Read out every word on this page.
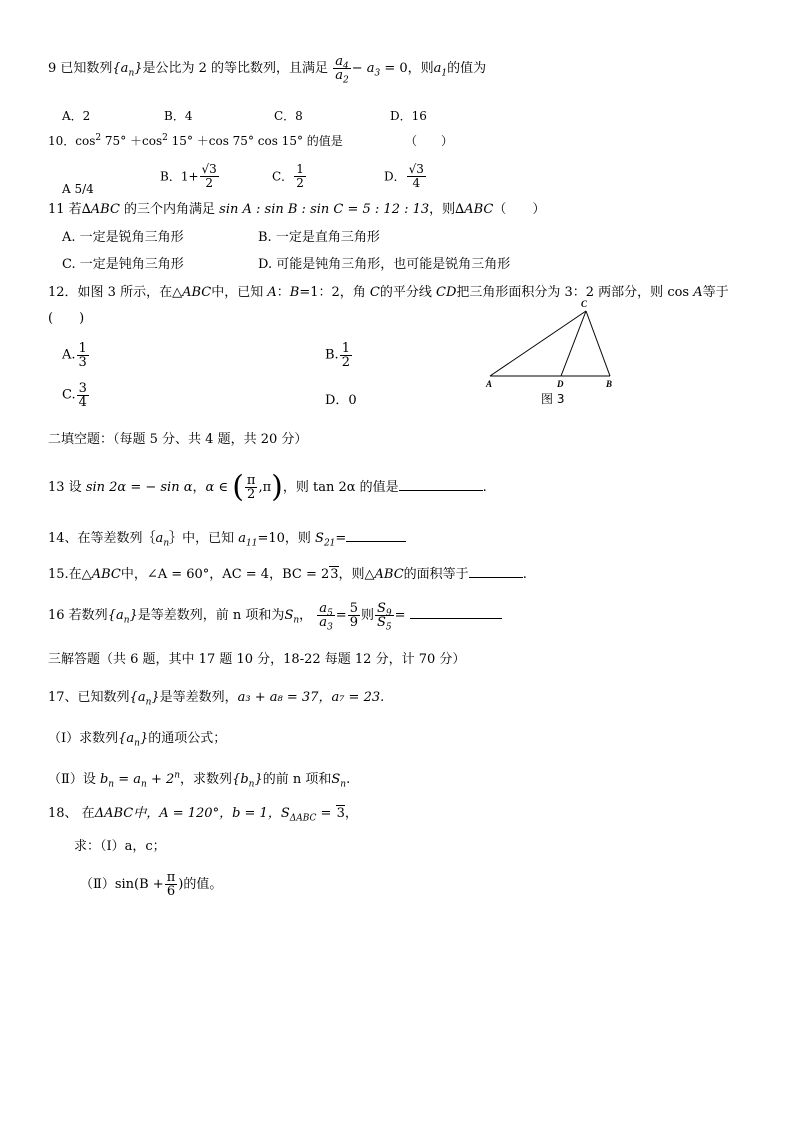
9 已知数列$\{a_n\}$是公比为 2 的等比数列，且满足 $\frac{a_4}{a_2} - a_3 = 0$，则$a_1$的值为
A．2	B．4	C．8	D．16
10．$\cos^2 75^\circ +\cos^2$ 15° ＋cos 75° cos 15° 的值是	（　　）
A 5/4
B．$1+ \frac{√3}{2}$	C． $\frac{1}{2}$	D． $\frac{√3}{4}$
11 若∆ABC 的三个内角满足 sin A : sin B : sin C = 5 : 12 : 13，则∆ABC（　　）
A. 一定是锐角三角形	B. 一定是直角三角形
C. 一定是钝角三角形	D. 可能是钝角三角形，也可能是锐角三角形
12．如图 3 所示，在△ABC中，已知 A：B=1：2，角 C的平分线 CD把三角形面积分为 3：2 两部分，则 cos A等于
(　　)
A. $\frac{1}{3}$	B. $\frac{1}{2}$
C. $\frac{3}{4}$	D．0
C
A	D	B
图 3
二填空题：（每题 5 分、共 4 题，共 20 分）
13 设 sin 2α = − sin α，α ∈ ( $\frac{\pi}{2} ,\pi$)，则 tan 2α 的值是	.
14、在等差数列$\{a_n\}$中，已知 $a_{11}=10$，则 $S_{21}=$
15.在△ABC中，∠A = 60°，AC = 4，BC = 23，则△ABC的面积等于	.
16 若数列$\{a_n\}$是等差数列，前 n 项和为$S_n$， $\frac{a_5}{a_3} = \frac{5}{9}$ 则 $\frac{S_9}{S_5}$ =
三解答题（共 6 题，其中 17 题 10 分，18-22 每题 12 分，计 70 分）
17、已知数列$\{a_n\}$是等差数列，a₃ + a₈ = 37，a₇ = 23.
（Ⅰ）求数列$\{a_n\}$的通项公式；
（Ⅱ）设 $b_n = a_n + 2^n$，求数列$\{b_n\}$的前 n 项和$S_n$.
18、 在ΔABC中，A = 120°，b = 1，$S_{\Delta ABC} = 3$，
求：（Ⅰ）a，c；
（Ⅱ）sin(B + $\frac{\pi}{6}$ )的值。
